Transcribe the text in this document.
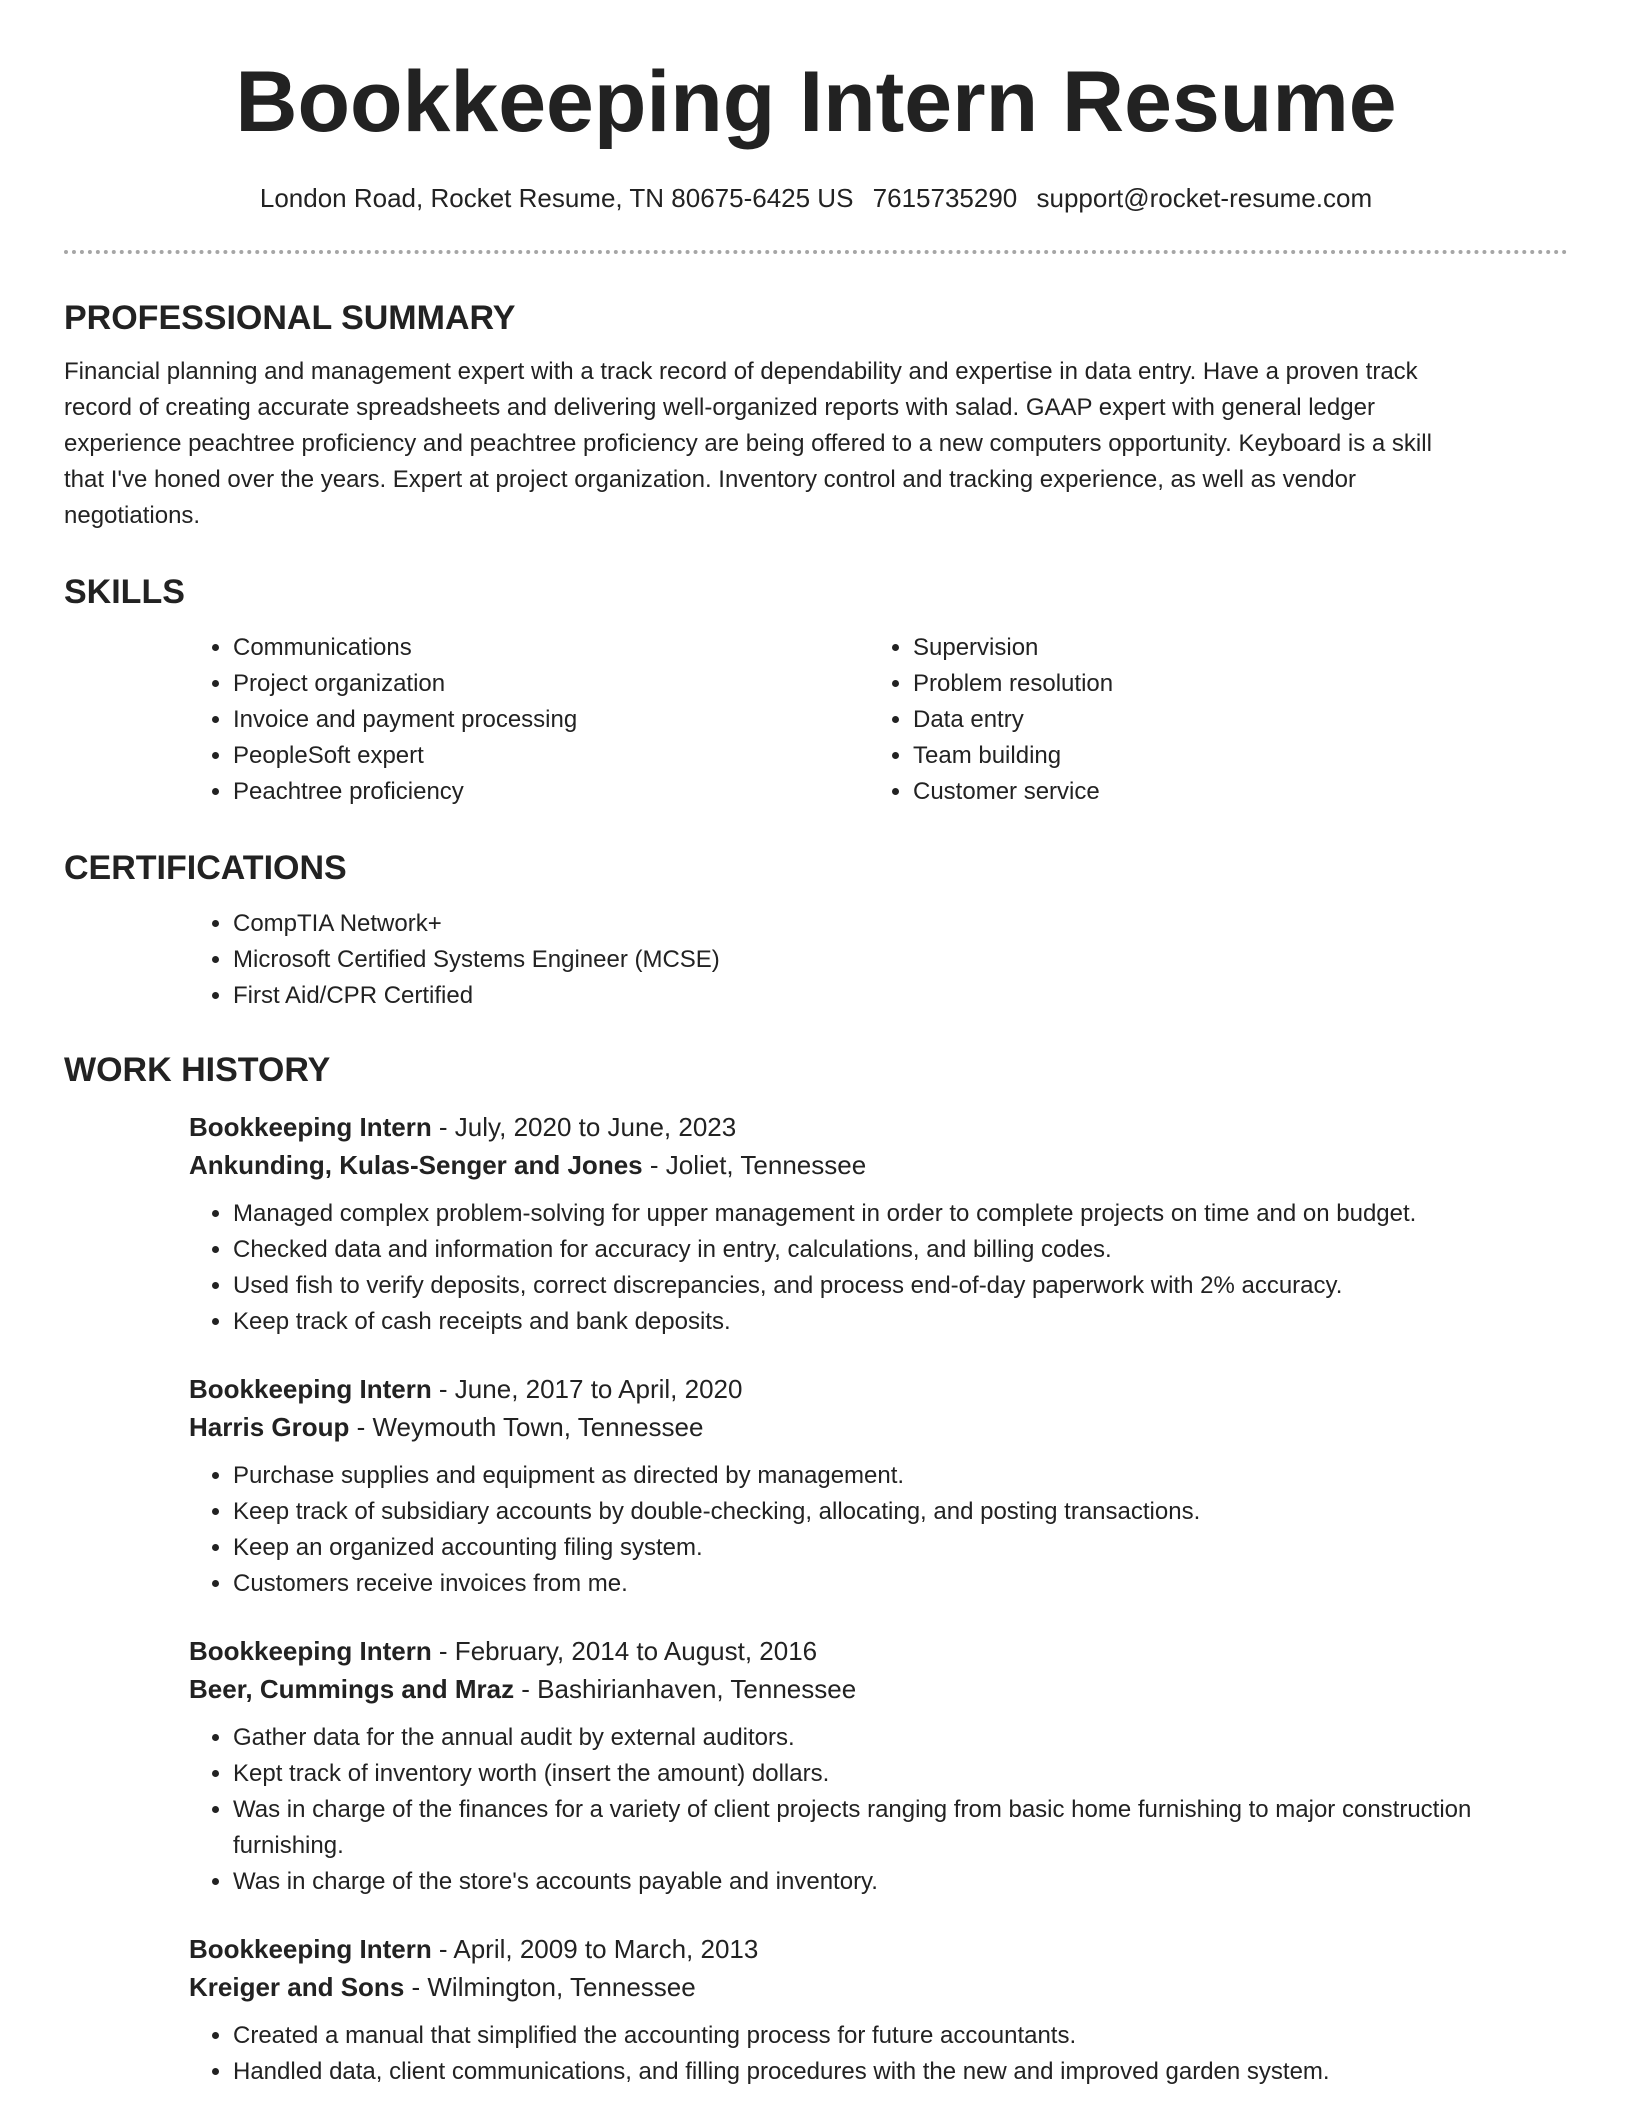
Bookkeeping Intern Resume
London Road, Rocket Resume, TN 80675-6425 US 7615735290 support@rocket-resume.com
PROFESSIONAL SUMMARY

Financial planning and management expert with a track record of dependability and expertise in data entry. Have a proven track record of creating accurate spreadsheets and delivering well-organized reports with salad. GAAP expert with general ledger experience peachtree proficiency and peachtree proficiency are being offered to a new computers opportunity. Keyboard is a skill that I've honed over the years. Expert at project organization. Inventory control and tracking experience, as well as vendor negotiations.

SKILLS
• Communications
• Project organization
• Invoice and payment processing
• PeopleSoft expert
• Peachtree proficiency
• Supervision
• Problem resolution
• Data entry
• Team building
• Customer service
CERTIFICATIONS
• CompTIA Network+
• Microsoft Certified Systems Engineer (MCSE)
• First Aid/CPR Certified
WORK HISTORY
Bookkeeping Intern - July, 2020 to June, 2023
Ankunding, Kulas-Senger and Jones - Joliet, Tennessee
• Managed complex problem-solving for upper management in order to complete projects on time and on budget.
• Checked data and information for accuracy in entry, calculations, and billing codes.
• Used fish to verify deposits, correct discrepancies, and process end-of-day paperwork with 2% accuracy.
• Keep track of cash receipts and bank deposits.
Bookkeeping Intern - June, 2017 to April, 2020
Harris Group - Weymouth Town, Tennessee
• Purchase supplies and equipment as directed by management.
• Keep track of subsidiary accounts by double-checking, allocating, and posting transactions.
• Keep an organized accounting filing system.
• Customers receive invoices from me.
Bookkeeping Intern - February, 2014 to August, 2016
Beer, Cummings and Mraz - Bashirianhaven, Tennessee
• Gather data for the annual audit by external auditors.
• Kept track of inventory worth (insert the amount) dollars.
• Was in charge of the finances for a variety of client projects ranging from basic home furnishing to major construction furnishing.
• Was in charge of the store's accounts payable and inventory.
Bookkeeping Intern - April, 2009 to March, 2013
Kreiger and Sons - Wilmington, Tennessee
• Created a manual that simplified the accounting process for future accountants.
• Handled data, client communications, and filling procedures with the new and improved garden system.
